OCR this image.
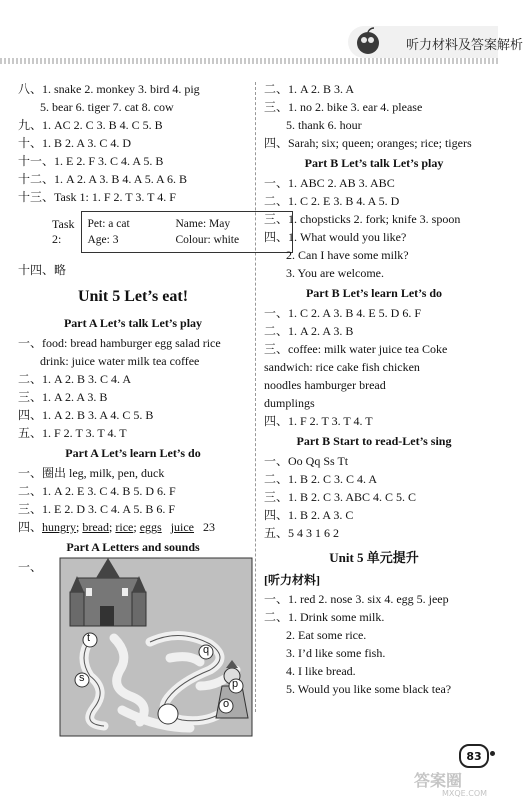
听力材料及答案解析
八、1. snake 2. monkey 3. bird 4. pig
5. bear 6. tiger 7. cat 8. cow
九、1. AC 2. C 3. B 4. C 5. B
十、1. B 2. A 3. C 4. D
十一、1. E 2. F 3. C 4. A 5. B
十二、1. A 2. A 3. B 4. A 5. A 6. B
十三、Task 1: 1. F 2. T 3. T 4. F
Task 2:
Pet: a cat	Name: May
Age: 3	Colour: white
十四、略
Unit 5 Let’s eat!
Part A Let’s talk Let’s play
一、food: bread hamburger egg salad rice
drink: juice water milk tea coffee
二、1. A 2. B 3. C 4. A
三、1. A 2. A 3. B
四、1. A 2. B 3. A 4. C 5. B
五、1. F 2. T 3. T 4. T
Part A Let’s learn Let’s do
一、圈出 leg, milk, pen, duck
二、1. A 2. E 3. C 4. B 5. D 6. F
三、1. E 2. D 3. C 4. A 5. B 6. F
四、hungry; bread; rice; eggs juice 23
Part A Letters and sounds
一、
t
q
s	p
o
二、1. A 2. B 3. A
三、1. no 2. bike 3. ear 4. please
5. thank 6. hour
四、Sarah; six; queen; oranges; rice; tigers
Part B Let’s talk Let’s play
一、1. ABC 2. AB 3. ABC
二、1. C 2. E 3. B 4. A 5. D
三、1. chopsticks 2. fork; knife 3. spoon
四、1. What would you like?
2. Can I have some milk?
3. You are welcome.
Part B Let’s learn Let’s do
一、1. C 2. A 3. B 4. E 5. D 6. F
二、1. A 2. A 3. B
三、coffee: milk water juice tea Coke
sandwich: rice cake fish chicken
noodles hamburger bread
dumplings
四、1. F 2. T 3. T 4. T
Part B Start to read-Let’s sing
一、Oo Qq Ss Tt
二、1. B 2. C 3. C 4. A
三、1. B 2. C 3. ABC 4. C 5. C
四、1. B 2. A 3. C
五、5 4 3 1 6 2
Unit 5 单元提升
[听力材料]
一、1. red 2. nose 3. six 4. egg 5. jeep
二、1. Drink some milk.
2. Eat some rice.
3. I’d like some fish.
4. I like bread.
5. Would you like some black tea?
83
答案圈
MXQE.COM
